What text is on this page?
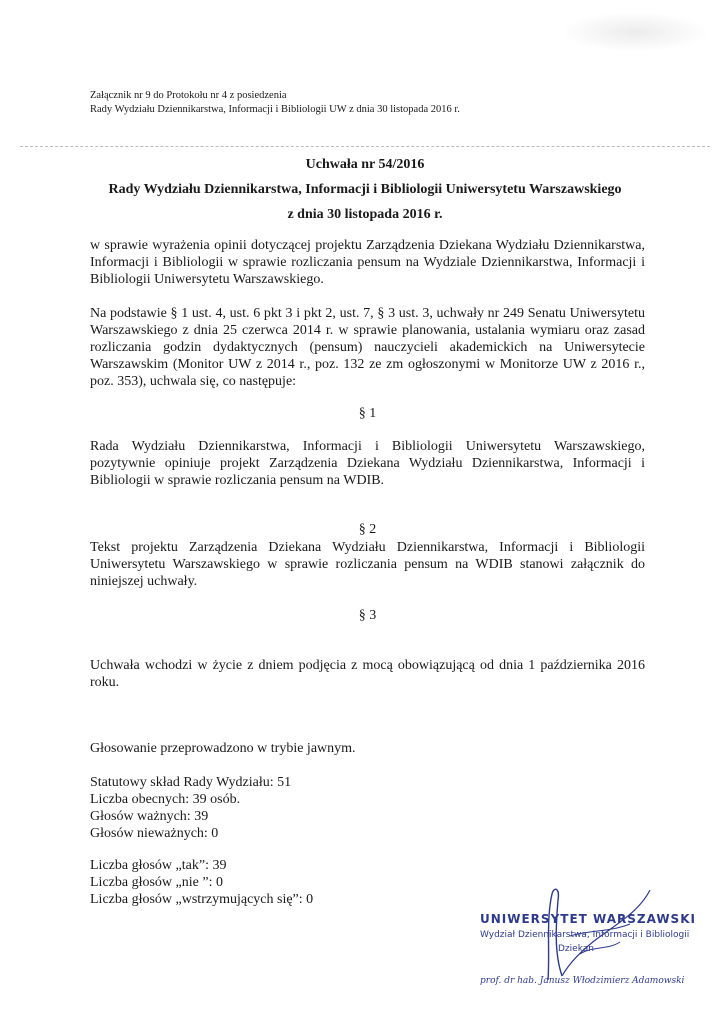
Załącznik nr 9 do Protokołu nr 4 z posiedzenia
Rady Wydziału Dziennikarstwa, Informacji i Bibliologii UW z dnia 30 listopada 2016 r.
Uchwała nr 54/2016
Rady Wydziału Dziennikarstwa, Informacji i Bibliologii Uniwersytetu Warszawskiego
z dnia 30 listopada 2016 r.
w sprawie wyrażenia opinii dotyczącej projektu Zarządzenia Dziekana Wydziału Dziennikarstwa, Informacji i Bibliologii w sprawie rozliczania pensum na Wydziale Dziennikarstwa, Informacji i Bibliologii Uniwersytetu Warszawskiego.
Na podstawie § 1 ust. 4, ust. 6 pkt 3 i pkt 2, ust. 7, § 3 ust. 3, uchwały nr 249 Senatu Uniwersytetu Warszawskiego z dnia 25 czerwca 2014 r. w sprawie planowania, ustalania wymiaru oraz zasad rozliczania godzin dydaktycznych (pensum) nauczycieli akademickich na Uniwersytecie Warszawskim (Monitor UW z 2014 r., poz. 132 ze zm ogłoszonymi w Monitorze UW z 2016 r., poz. 353), uchwala się, co następuje:
§ 1
Rada Wydziału Dziennikarstwa, Informacji i Bibliologii Uniwersytetu Warszawskiego, pozytywnie opiniuje projekt Zarządzenia Dziekana Wydziału Dziennikarstwa, Informacji i Bibliologii w sprawie rozliczania pensum na WDIB.
§ 2
Tekst projektu Zarządzenia Dziekana Wydziału Dziennikarstwa, Informacji i Bibliologii Uniwersytetu Warszawskiego w sprawie rozliczania pensum na WDIB stanowi załącznik do niniejszej uchwały.
§ 3
Uchwała wchodzi w życie z dniem podjęcia z mocą obowiązującą od dnia 1 października 2016 roku.
Głosowanie przeprowadzono w trybie jawnym.
Statutowy skład Rady Wydziału: 51
Liczba obecnych: 39 osób.
Głosów ważnych: 39
Głosów nieważnych: 0
Liczba głosów „tak”: 39
Liczba głosów „nie ”: 0
Liczba głosów „wstrzymujących się”: 0
UNIWERSYTET WARSZAWSKI
Wydział Dziennikarstwa, Informacji i Bibliologii
Dziekan
prof. dr hab. Janusz Włodzimierz Adamowski
